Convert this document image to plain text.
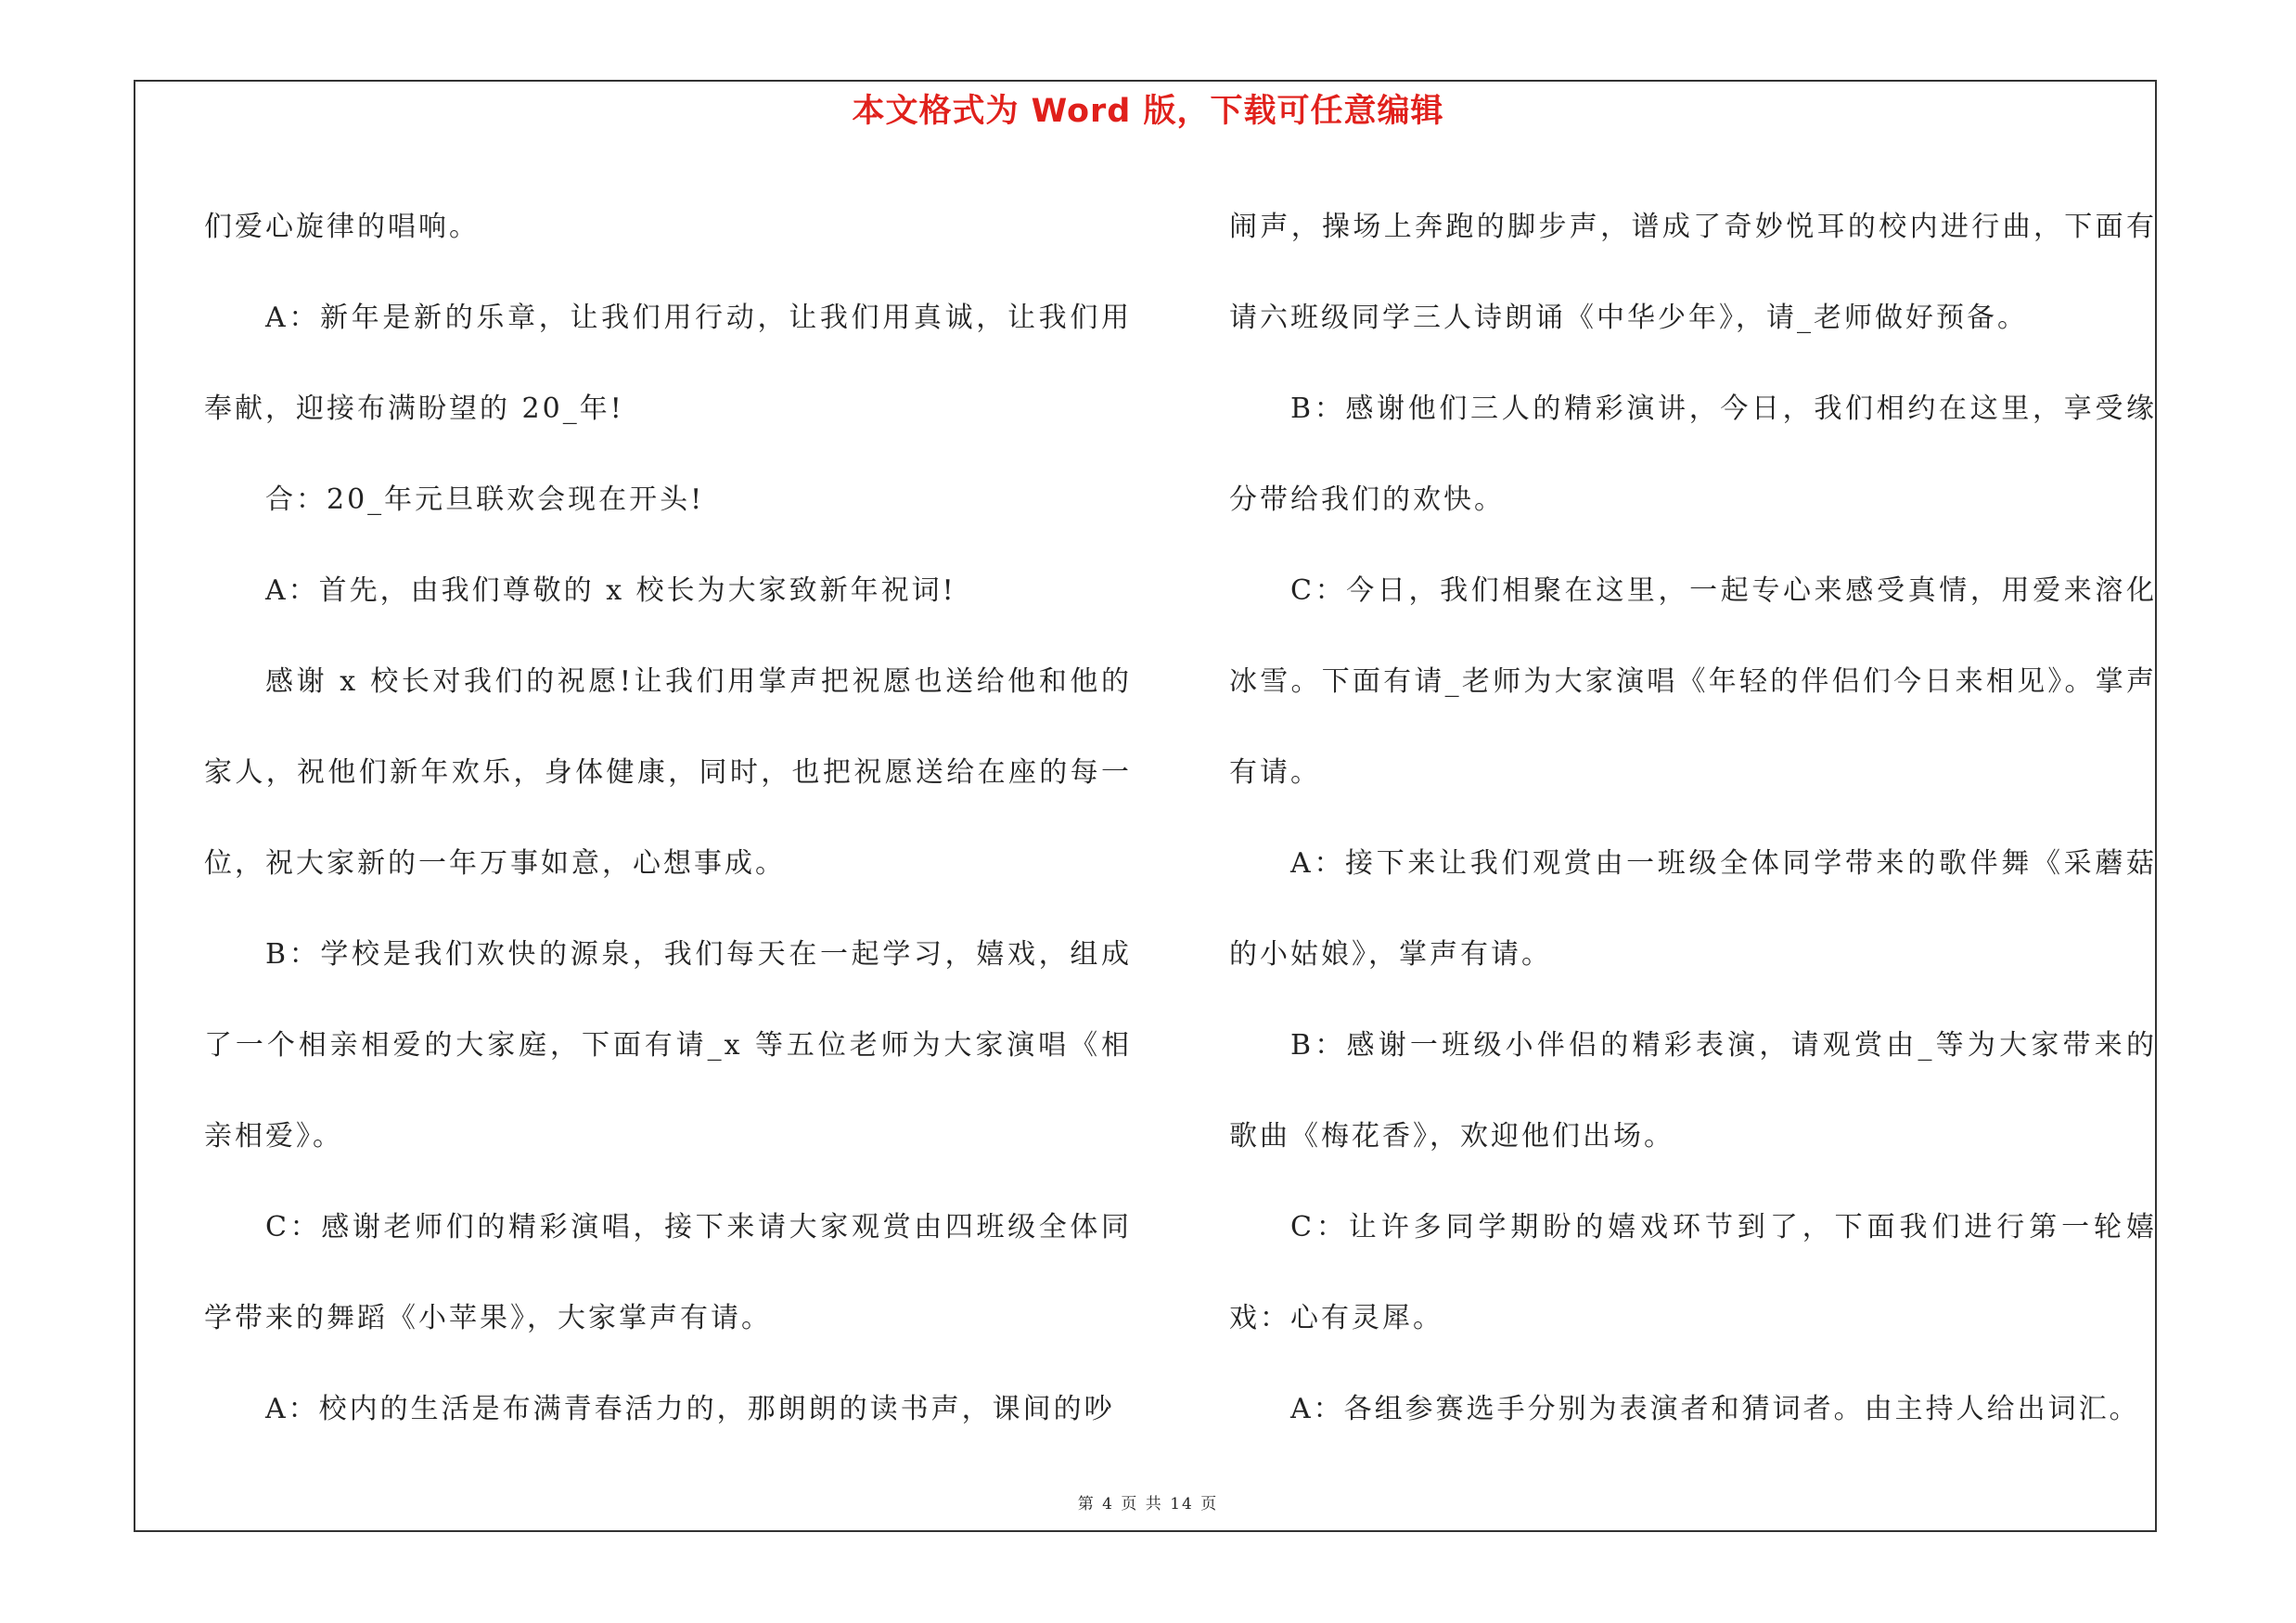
本文格式为 Word 版，下载可任意编辑

们爱心旋律的唱响。

A：新年是新的乐章，让我们用行动，让我们用真诚，让我们用奉献，迎接布满盼望的 20_年!

合：20_年元旦联欢会现在开头!

A：首先，由我们尊敬的 x 校长为大家致新年祝词!

感谢 x 校长对我们的祝愿!让我们用掌声把祝愿也送给他和他的家人，祝他们新年欢乐，身体健康，同时，也把祝愿送给在座的每一位，祝大家新的一年万事如意，心想事成。

B：学校是我们欢快的源泉，我们每天在一起学习，嬉戏，组成了一个相亲相爱的大家庭，下面有请_x 等五位老师为大家演唱《相亲相爱》。

C：感谢老师们的精彩演唱，接下来请大家观赏由四班级全体同学带来的舞蹈《小苹果》，大家掌声有请。

A：校内的生活是布满青春活力的，那朗朗的读书声，课间的吵

闹声，操场上奔跑的脚步声，谱成了奇妙悦耳的校内进行曲，下面有请六班级同学三人诗朗诵《中华少年》，请_老师做好预备。

B：感谢他们三人的精彩演讲，今日，我们相约在这里，享受缘分带给我们的欢快。

C：今日，我们相聚在这里，一起专心来感受真情，用爱来溶化冰雪。下面有请_老师为大家演唱《年轻的伴侣们今日来相见》。掌声有请。

A：接下来让我们观赏由一班级全体同学带来的歌伴舞《采蘑菇的小姑娘》，掌声有请。

B：感谢一班级小伴侣的精彩表演，请观赏由_等为大家带来的歌曲《梅花香》，欢迎他们出场。

C：让许多同学期盼的嬉戏环节到了，下面我们进行第一轮嬉戏：心有灵犀。

A：各组参赛选手分别为表演者和猜词者。由主持人给出词汇。

第 4 页 共 14 页
